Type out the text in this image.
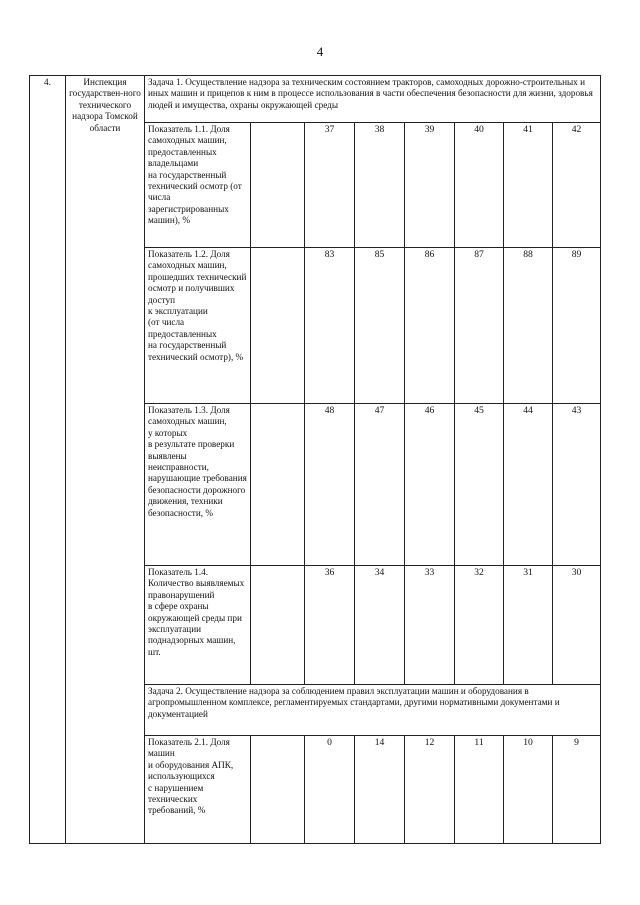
4
4.	Инспекция государствен-ного технического надзора Томской области	Задача 1. Осуществление надзора за техническим состоянием тракторов, самоходных дорожно-строительных и иных машин и прицепов к ним в процессе использования в части обеспечения безопасности для жизни, здоровья людей и имущества, охраны окружающей среды							
		Показатель 1.1. Доля самоходных машин, предоставленных владельцами
на государственный технический осмотр (от числа зарегистрированных машин), %		37	38	39	40	41	42
		Показатель 1.2. Доля самоходных машин, прошедших технический осмотр и получивших доступ
к эксплуатации
(от числа предоставленных
на государственный технический осмотр), %		83	85	86	87	88	89
		Показатель 1.3. Доля самоходных машин,
у которых
в результате проверки выявлены неисправности, нарушающие требования безопасности дорожного движения, техники безопасности, %		48	47	46	45	44	43
		Показатель 1.4. Количество выявляемых правонарушений
в сфере охраны окружающей среды при эксплуатации поднадзорных машин, шт.		36	34	33	32	31	30
		Задача 2. Осуществление надзора за соблюдением правил эксплуатации машин и оборудования в агропромышленном комплексе, регламентируемых стандартами, другими нормативными документами и документацией							
		Показатель 2.1. Доля машин
и оборудования АПК, использующихся
с нарушением технических требований, %		0	14	12	11	10	9
